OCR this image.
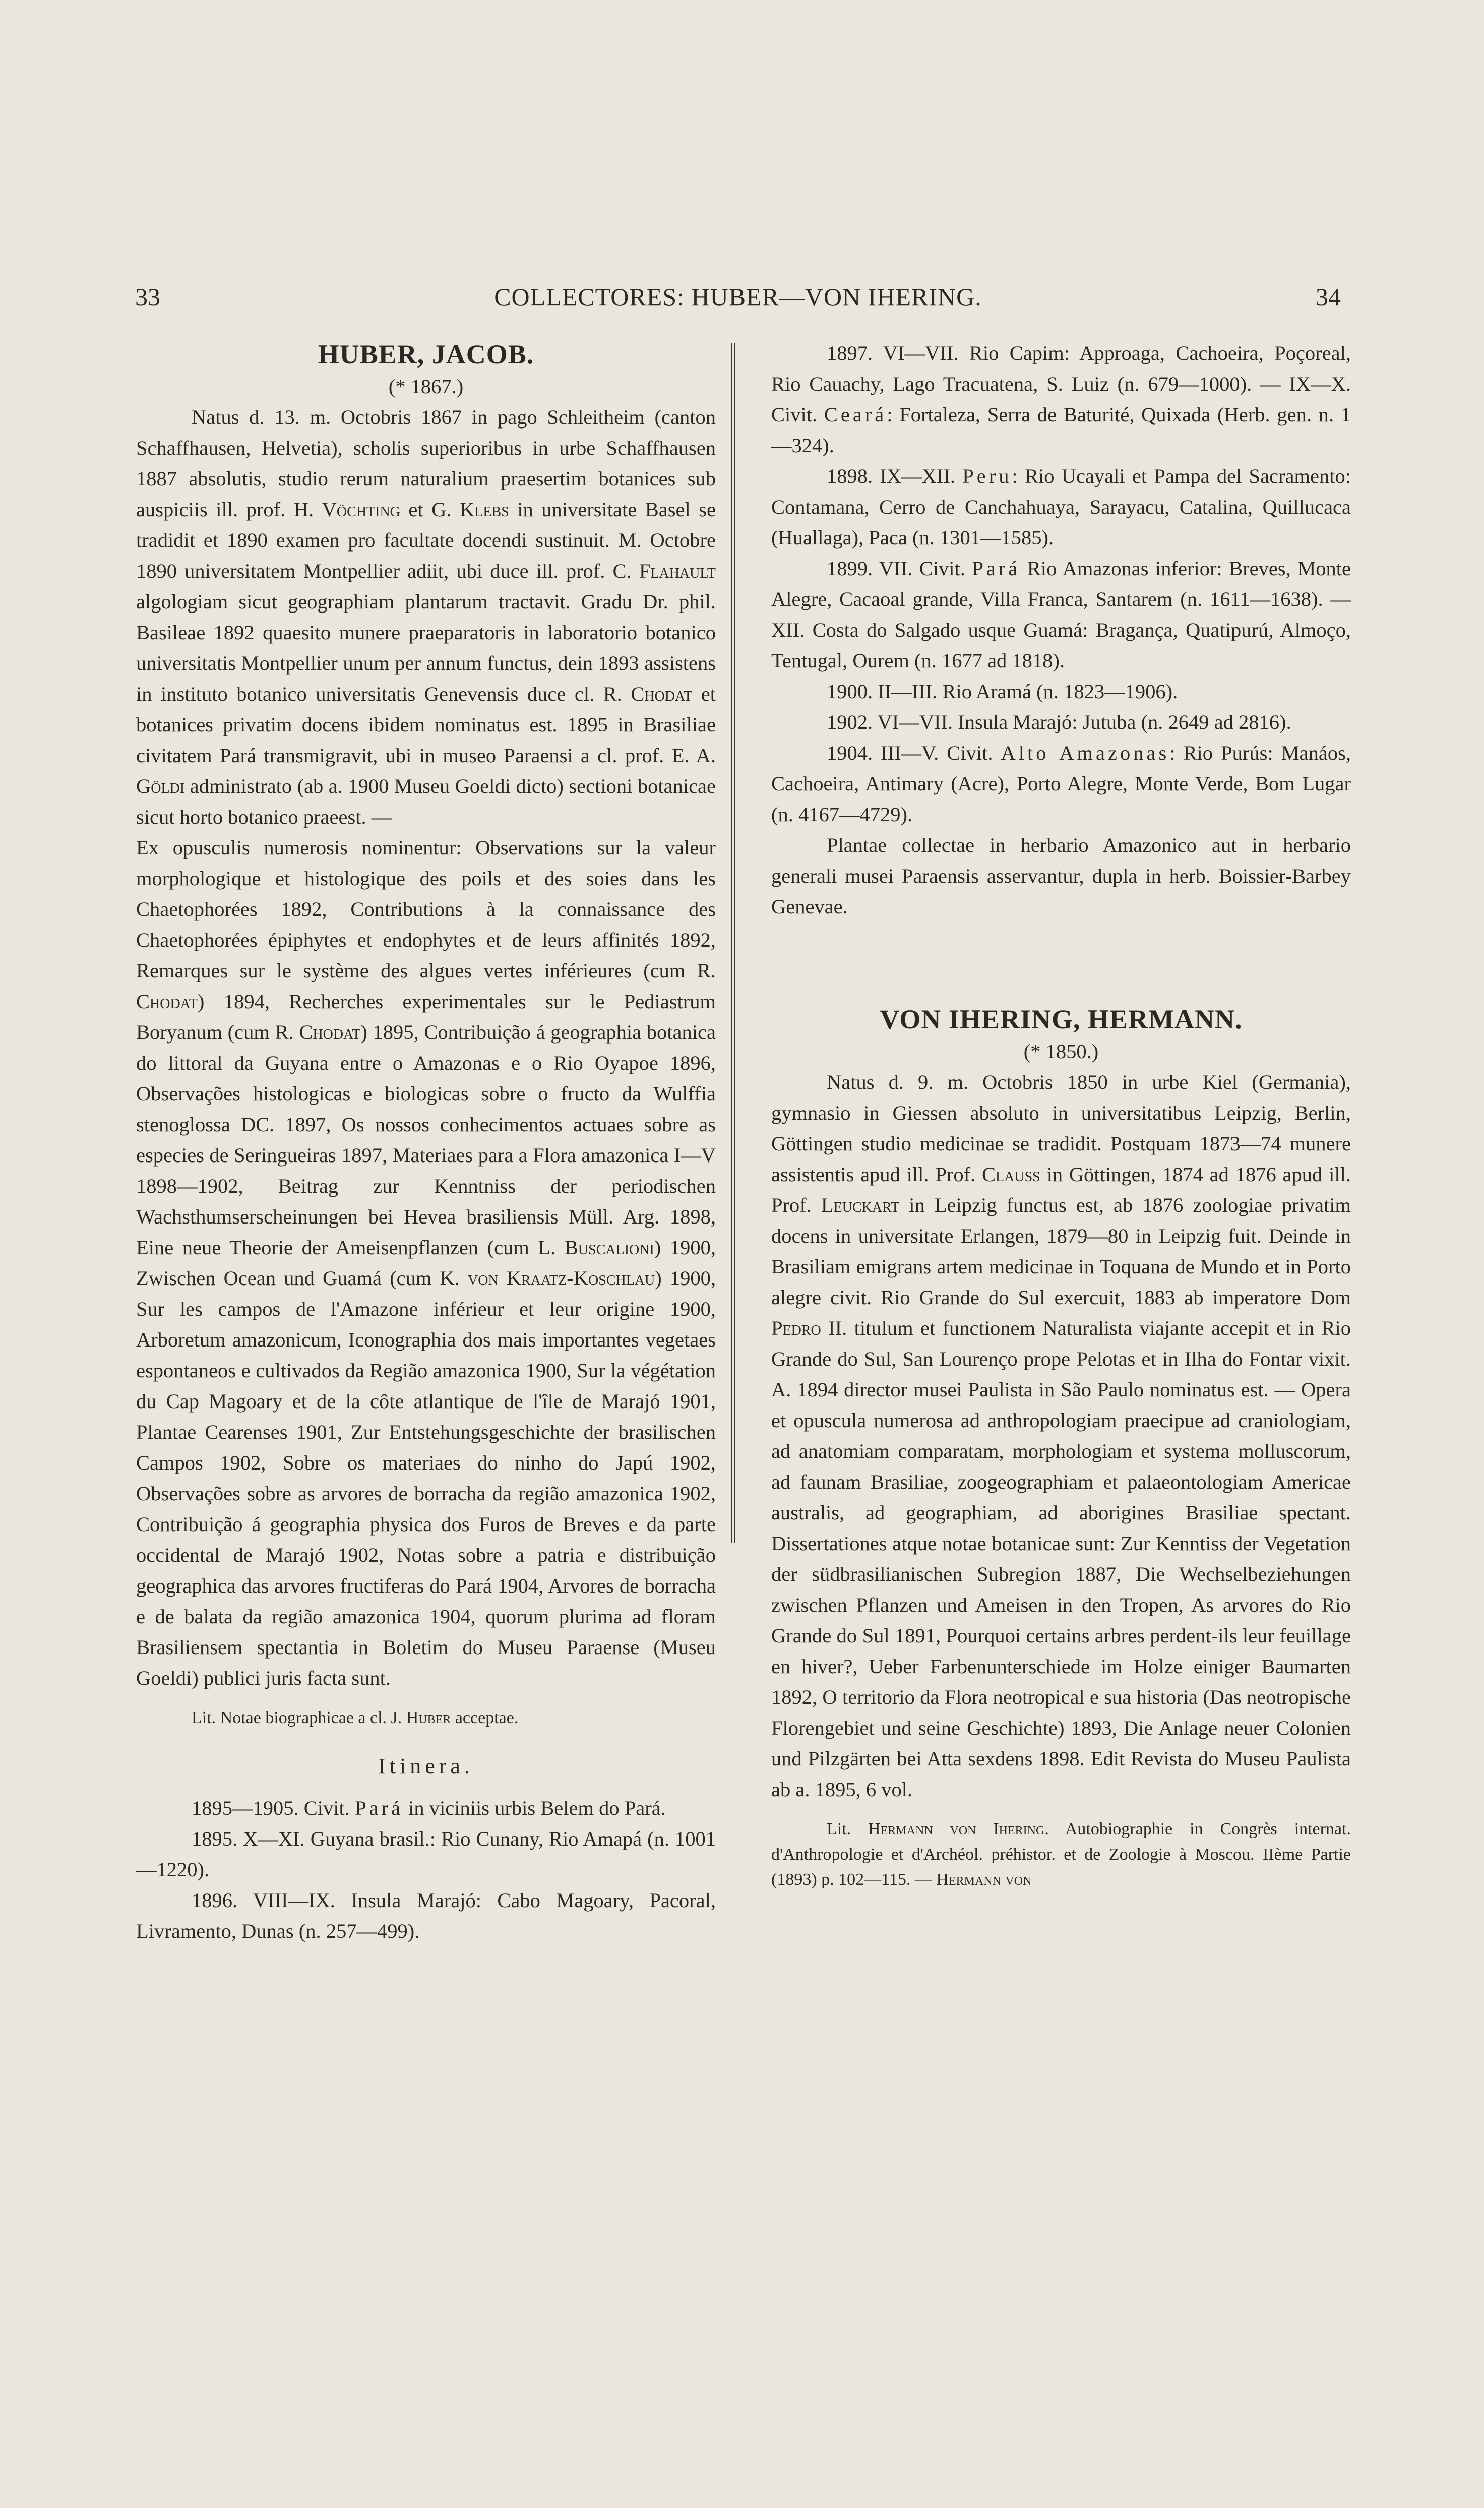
33	COLLECTORES: HUBER—VON IHERING.	34

HUBER, JACOB.

(* 1867.)

Natus d. 13. m. Octobris 1867 in pago Schleitheim (canton Schaffhausen, Helvetia), scholis superioribus in urbe Schaffhausen 1887 absolutis, studio rerum naturalium praesertim botanices sub auspiciis ill. prof. H. Vöchting et G. Klebs in universitate Basel se tradidit et 1890 examen pro facultate docendi sustinuit. M. Octobre 1890 universitatem Montpellier adiit, ubi duce ill. prof. C. Flahault algologiam sicut geographiam plantarum tractavit. Gradu Dr. phil. Basileae 1892 quaesito munere praeparatoris in laboratorio botanico universitatis Montpellier unum per annum functus, dein 1893 assistens in instituto botanico universitatis Genevensis duce cl. R. Chodat et botanices privatim docens ibidem nominatus est. 1895 in Brasiliae civitatem Pará transmigravit, ubi in museo Paraensi a cl. prof. E. A. Göldi administrato (ab a. 1900 Museu Goeldi dicto) sectioni botanicae sicut horto botanico praeest. —

Ex opusculis numerosis nominentur: Observations sur la valeur morphologique et histologique des poils et des soies dans les Chaetophorées 1892, Contributions à la connaissance des Chaetophorées épiphytes et endophytes et de leurs affinités 1892, Remarques sur le système des algues vertes inférieures (cum R. Chodat) 1894, Recherches experimentales sur le Pediastrum Boryanum (cum R. Chodat) 1895, Contribuição á geographia botanica do littoral da Guyana entre o Amazonas e o Rio Oyapoe 1896, Observações histologicas e biologicas sobre o fructo da Wulffia stenoglossa DC. 1897, Os nossos conhecimentos actuaes sobre as especies de Seringueiras 1897, Materiaes para a Flora amazonica I—V 1898—1902, Beitrag zur Kenntniss der periodischen Wachsthumserscheinungen bei Hevea brasiliensis Müll. Arg. 1898, Eine neue Theorie der Ameisenpflanzen (cum L. Buscalioni) 1900, Zwischen Ocean und Guamá (cum K. von Kraatz-Koschlau) 1900, Sur les campos de l'Amazone inférieur et leur origine 1900, Arboretum amazonicum, Iconographia dos mais importantes vegetaes espontaneos e cultivados da Região amazonica 1900, Sur la végétation du Cap Magoary et de la côte atlantique de l'île de Marajó 1901, Plantae Cearenses 1901, Zur Entstehungsgeschichte der brasilischen Campos 1902, Sobre os materiaes do ninho do Japú 1902, Observações sobre as arvores de borracha da região amazonica 1902, Contribuição á geographia physica dos Furos de Breves e da parte occidental de Marajó 1902, Notas sobre a patria e distribuição geographica das arvores fructiferas do Pará 1904, Arvores de borracha e de balata da região amazonica 1904, quorum plurima ad floram Brasiliensem spectantia in Boletim do Museu Paraense (Museu Goeldi) publici juris facta sunt.

Lit. Notae biographicae a cl. J. Huber acceptae.

Itinera.

1895—1905. Civit. Pará in viciniis urbis Belem do Pará.

1895. X—XI. Guyana brasil.: Rio Cunany, Rio Amapá (n. 1001—1220).

1896. VIII—IX. Insula Marajó: Cabo Magoary, Pacoral, Livramento, Dunas (n. 257—499).

1897. VI—VII. Rio Capim: Approaga, Cachoeira, Poçoreal, Rio Cauachy, Lago Tracuatena, S. Luiz (n. 679—1000). — IX—X. Civit. Ceará: Fortaleza, Serra de Baturité, Quixada (Herb. gen. n. 1—324).

1898. IX—XII. Peru: Rio Ucayali et Pampa del Sacramento: Contamana, Cerro de Canchahuaya, Sarayacu, Catalina, Quillucaca (Huallaga), Paca (n. 1301—1585).

1899. VII. Civit. Pará Rio Amazonas inferior: Breves, Monte Alegre, Cacaoal grande, Villa Franca, Santarem (n. 1611—1638). — XII. Costa do Salgado usque Guamá: Bragança, Quatipurú, Almoço, Tentugal, Ourem (n. 1677 ad 1818).

1900. II—III. Rio Aramá (n. 1823—1906).

1902. VI—VII. Insula Marajó: Jutuba (n. 2649 ad 2816).

1904. III—V. Civit. Alto Amazonas: Rio Purús: Manáos, Cachoeira, Antimary (Acre), Porto Alegre, Monte Verde, Bom Lugar (n. 4167—4729).

Plantae collectae in herbario Amazonico aut in herbario generali musei Paraensis asservantur, dupla in herb. Boissier-Barbey Genevae.

VON IHERING, HERMANN.

(* 1850.)

Natus d. 9. m. Octobris 1850 in urbe Kiel (Germania), gymnasio in Giessen absoluto in universitatibus Leipzig, Berlin, Göttingen studio medicinae se tradidit. Postquam 1873—74 munere assistentis apud ill. Prof. Clauss in Göttingen, 1874 ad 1876 apud ill. Prof. Leuckart in Leipzig functus est, ab 1876 zoologiae privatim docens in universitate Erlangen, 1879—80 in Leipzig fuit. Deinde in Brasiliam emigrans artem medicinae in Toquana de Mundo et in Porto alegre civit. Rio Grande do Sul exercuit, 1883 ab imperatore Dom Pedro II. titulum et functionem Naturalista viajante accepit et in Rio Grande do Sul, San Lourenço prope Pelotas et in Ilha do Fontar vixit. A. 1894 director musei Paulista in São Paulo nominatus est. — Opera et opuscula numerosa ad anthropologiam praecipue ad craniologiam, ad anatomiam comparatam, morphologiam et systema molluscorum, ad faunam Brasiliae, zoogeographiam et palaeontologiam Americae australis, ad geographiam, ad aborigines Brasiliae spectant. Dissertationes atque notae botanicae sunt: Zur Kenntiss der Vegetation der südbrasilianischen Subregion 1887, Die Wechselbeziehungen zwischen Pflanzen und Ameisen in den Tropen, As arvores do Rio Grande do Sul 1891, Pourquoi certains arbres perdent-ils leur feuillage en hiver?, Ueber Farbenunterschiede im Holze einiger Baumarten 1892, O territorio da Flora neotropical e sua historia (Das neotropische Florengebiet und seine Geschichte) 1893, Die Anlage neuer Colonien und Pilzgärten bei Atta sexdens 1898. Edit Revista do Museu Paulista ab a. 1895, 6 vol.

Lit. Hermann von Ihering. Autobiographie in Congrès internat. d'Anthropologie et d'Archéol. préhistor. et de Zoologie à Moscou. IIème Partie (1893) p. 102—115. — Hermann von
